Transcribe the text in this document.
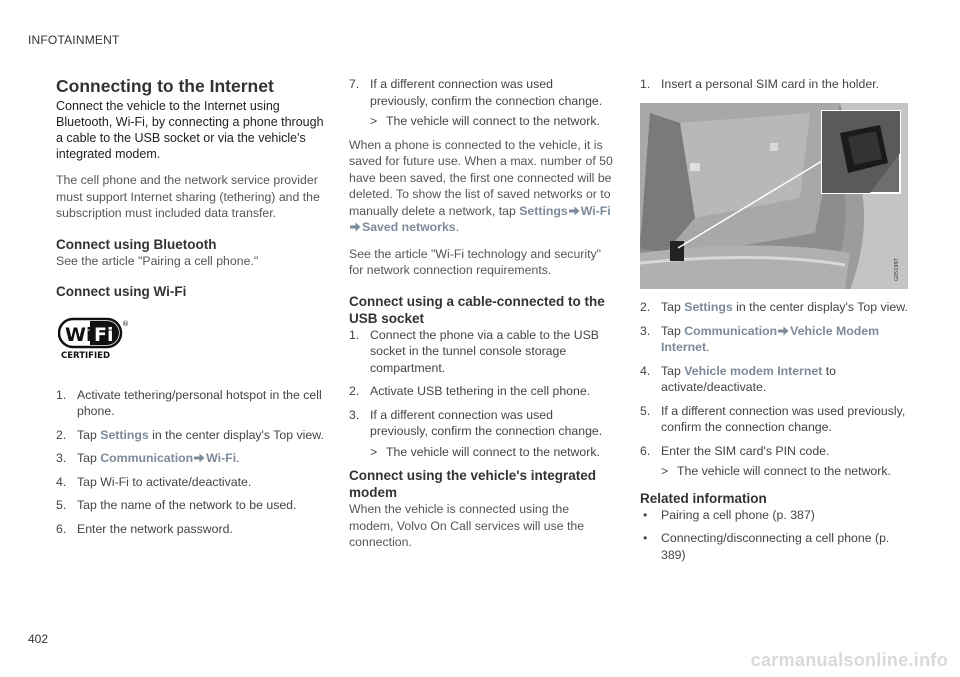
INFOTAINMENT
Connecting to the Internet

Connect the vehicle to the Internet using Bluetooth, Wi-Fi, by connecting a phone through a cable to the USB socket or via the vehicle's integrated modem.

The cell phone and the network service provider must support Internet sharing (tethering) and the subscription must included data transfer.

Connect using Bluetooth

See the article "Pairing a cell phone."

Connect using Wi-Fi
Wi Fi ®
CERTIFIED
1. Activate tethering/personal hotspot in the cell phone.
2. Tap Settings in the center display's Top view.
3. Tap Communication Wi-Fi.
4. Tap Wi-Fi to activate/deactivate.
5. Tap the name of the network to be used.
6. Enter the network password.
7. If a different connection was used previously, confirm the connection change.
> The vehicle will connect to the network.

When a phone is connected to the vehicle, it is saved for future use. When a max. number of 50 have been saved, the first one connected will be deleted. To show the list of saved networks or to manually delete a network, tap Settings Wi-Fi
Saved networks.

See the article "Wi-Fi technology and security" for network connection requirements.

Connect using a cable-connected to the USB socket
1. Connect the phone via a cable to the USB socket in the tunnel console storage compartment.
2. Activate USB tethering in the cell phone.
3. If a different connection was used previously, confirm the connection change.
> The vehicle will connect to the network.
Connect using the vehicle's integrated modem

When the vehicle is connected using the modem, Volvo On Call services will use the connection.

1. Insert a personal SIM card in the holder.
G051997
2. Tap Settings in the center display's Top view.
3. Tap Communication Vehicle Modem Internet.
4. Tap Vehicle modem Internet to activate/deactivate.
5. If a different connection was used previously, confirm the connection change.
6. Enter the SIM card's PIN code.
> The vehicle will connect to the network.
Related information
• Pairing a cell phone (p. 387)
• Connecting/disconnecting a cell phone (p. 389)
402
carmanualsonline.info
